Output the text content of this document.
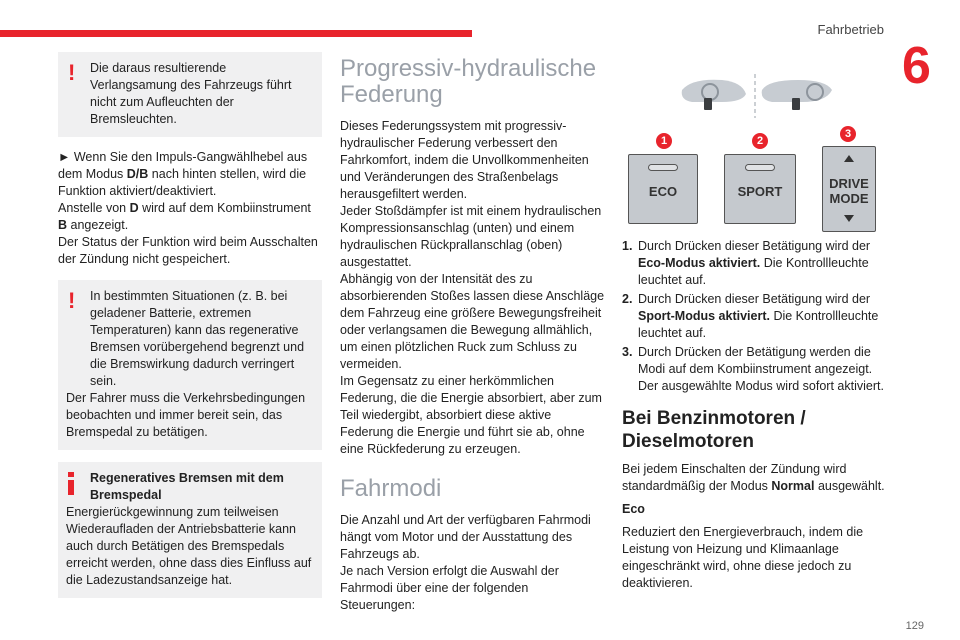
Fahrbetrieb
6
!	Die daraus resultierende Verlangsamung des Fahrzeugs führt nicht zum Aufleuchten der Bremsleuchten.

► Wenn Sie den Impuls-Gangwählhebel aus dem Modus D/B nach hinten stellen, wird die Funktion aktiviert/deaktiviert.

Anstelle von D wird auf dem Kombiinstrument B angezeigt.

Der Status der Funktion wird beim Ausschalten der Zündung nicht gespeichert.

!	In bestimmten Situationen (z. B. bei geladener Batterie, extremen Temperaturen) kann das regenerative Bremsen vorübergehend begrenzt und die Bremswirkung dadurch verringert sein.

Der Fahrer muss die Verkehrsbedingungen beobachten und immer bereit sein, das Bremspedal zu betätigen.

Regeneratives Bremsen mit dem Bremspedal

Energierückgewinnung zum teilweisen Wiederaufladen der Antriebsbatterie kann auch durch Betätigen des Bremspedals erreicht werden, ohne dass dies Einfluss auf die Ladezustandsanzeige hat.

Progressiv-hydraulische Federung

Dieses Federungssystem mit progressiv-hydraulischer Federung verbessert den Fahrkomfort, indem die Unvollkommenheiten und Veränderungen des Straßenbelags herausgefiltert werden.

Jeder Stoßdämpfer ist mit einem hydraulischen Kompressionsanschlag (unten) und einem hydraulischen Rückprallanschlag (oben) ausgestattet.

Abhängig von der Intensität des zu absorbierenden Stoßes lassen diese Anschläge dem Fahrzeug eine größere Bewegungsfreiheit oder verlangsamen die Bewegung allmählich, um einen plötzlichen Ruck zum Schluss zu vermeiden.

Im Gegensatz zu einer herkömmlichen Federung, die die Energie absorbiert, aber zum Teil wiedergibt, absorbiert diese aktive Federung die Energie und führt sie ab, ohne eine Rückfederung zu erzeugen.

Fahrmodi

Die Anzahl und Art der verfügbaren Fahrmodi hängt vom Motor und der Ausstattung des Fahrzeugs ab.

Je nach Version erfolgt die Auswahl der Fahrmodi über eine der folgenden Steuerungen:

1	2
3
ECO	SPORT
DRIVE
MODE
1. Durch Drücken dieser Betätigung wird der Eco-Modus aktiviert. Die Kontrollleuchte leuchtet auf.
2. Durch Drücken dieser Betätigung wird der Sport-Modus aktiviert. Die Kontrollleuchte leuchtet auf.
3. Durch Drücken der Betätigung werden die Modi auf dem Kombiinstrument angezeigt.
Der ausgewählte Modus wird sofort aktiviert.
Bei Benzinmotoren / Dieselmotoren

Bei jedem Einschalten der Zündung wird standardmäßig der Modus Normal ausgewählt.

Eco

Reduziert den Energieverbrauch, indem die Leistung von Heizung und Klimaanlage eingeschränkt wird, ohne diese jedoch zu deaktivieren.

129
